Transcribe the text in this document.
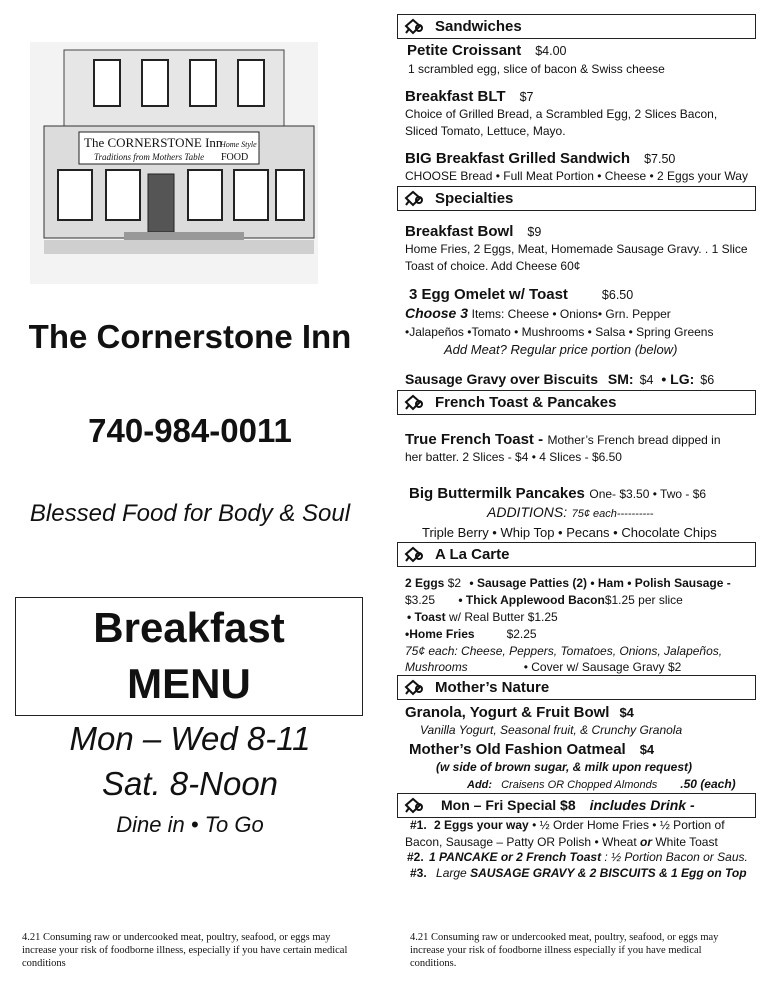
The CORNERSTONE Inn
Traditions from Mothers Table
Home Style
FOOD
The Cornerstone Inn
740-984-0011
Blessed Food for Body & Soul
Breakfast
MENU
Mon – Wed 8-11
Sat. 8-Noon
Dine in • To Go
4.21 Consuming raw or undercooked meat, poultry, seafood, or eggs may increase your risk of foodborne illness, especially if you have certain medical conditions
Sandwiches
Petite Croissant $4.00
1 scrambled egg, slice of bacon & Swiss cheese
Breakfast BLT $7
Choice of Grilled Bread, a Scrambled Egg, 2 Slices Bacon, Sliced Tomato, Lettuce, Mayo.
BIG Breakfast Grilled Sandwich $7.50
CHOOSE Bread • Full Meat Portion • Cheese • 2 Eggs your Way
Specialties
Breakfast Bowl $9
Home Fries, 2 Eggs, Meat, Homemade Sausage Gravy. . 1 Slice Toast of choice. Add Cheese 60¢
3 Egg Omelet w/ Toast	$6.50
Choose 3 Items: Cheese • Onions• Grn. Pepper
•Jalapeños •Tomato • Mushrooms • Salsa • Spring Greens
Add Meat? Regular price portion (below)
Sausage Gravy over Biscuits SM: $4 • LG: $6
French Toast & Pancakes
True French Toast - Mother’s French bread dipped in
her batter. 2 Slices - $4 • 4 Slices - $6.50
Big Buttermilk Pancakes One- $3.50 • Two - $6
ADDITIONS: 75¢ each----------
Triple Berry • Whip Top • Pecans • Chocolate Chips
A La Carte
2 Eggs $2 • Sausage Patties (2) • Ham • Polish Sausage -
$3.25 • Thick Applewood Bacon$1.25 per slice
• Toast w/ Real Butter $1.25
•Home Fries	$2.25
75¢ each: Cheese, Peppers, Tomatoes, Onions, Jalapeños,
Mushrooms	• Cover w/ Sausage Gravy $2
Mother’s Nature
Granola, Yogurt & Fruit Bowl $4
Vanilla Yogurt, Seasonal fruit, & Crunchy Granola
Mother’s Old Fashion Oatmeal $4
(w side of brown sugar, & milk upon request)
Add: Craisens OR Chopped Almonds .50 (each)
Mon – Fri Special $8 includes Drink -
#1. 2 Eggs your way • ½ Order Home Fries • ½ Portion of
Bacon, Sausage – Patty OR Polish • Wheat or White Toast
#2. 1 PANCAKE or 2 French Toast : ½ Portion Bacon or Saus.
#3. Large SAUSAGE GRAVY & 2 BISCUITS & 1 Egg on Top
4.21 Consuming raw or undercooked meat, poultry, seafood, or eggs may increase your risk of foodborne illness especially if you have medical conditions.
